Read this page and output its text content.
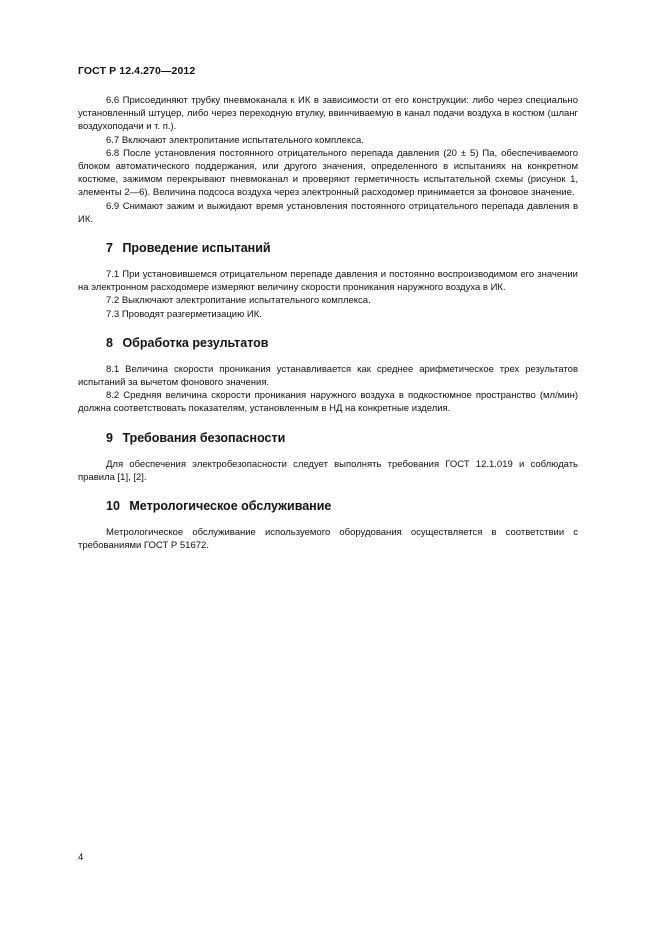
ГОСТ Р 12.4.270—2012

6.6 Присоединяют трубку пневмоканала к ИК в зависимости от его конструкции: либо через специально установленный штуцер, либо через переходную втулку, ввинчиваемую в канал подачи воздуха в костюм (шланг воздухоподачи и т. п.).

6.7 Включают электропитание испытательного комплекса.

6.8 После установления постоянного отрицательного перепада давления (20 ± 5) Па, обеспечиваемого блоком автоматического поддержания, или другого значения, определенного в испытаниях на конкретном костюме, зажимом перекрывают пневмоканал и проверяют герметичность испытательной схемы (рисунок 1, элементы 2—6). Величина подсоса воздуха через электронный расходомер принимается за фоновое значение.

6.9 Снимают зажим и выжидают время установления постоянного отрицательного перепада давления в ИК.

7 Проведение испытаний

7.1 При установившемся отрицательном перепаде давления и постоянно воспроизводимом его значении на электронном расходомере измеряют величину скорости проникания наружного воздуха в ИК.

7.2 Выключают электропитание испытательного комплекса.

7.3 Проводят разгерметизацию ИК.

8 Обработка результатов

8.1 Величина скорости проникания устанавливается как среднее арифметическое трех результатов испытаний за вычетом фонового значения.

8.2 Средняя величина скорости проникания наружного воздуха в подкостюмное пространство (мл/мин) должна соответствовать показателям, установленным в НД на конкретные изделия.

9 Требования безопасности

Для обеспечения электробезопасности следует выполнять требования ГОСТ 12.1.019 и соблюдать правила [1], [2].

10 Метрологическое обслуживание

Метрологическое обслуживание используемого оборудования осуществляется в соответствии с требованиями ГОСТ Р 51672.

4
